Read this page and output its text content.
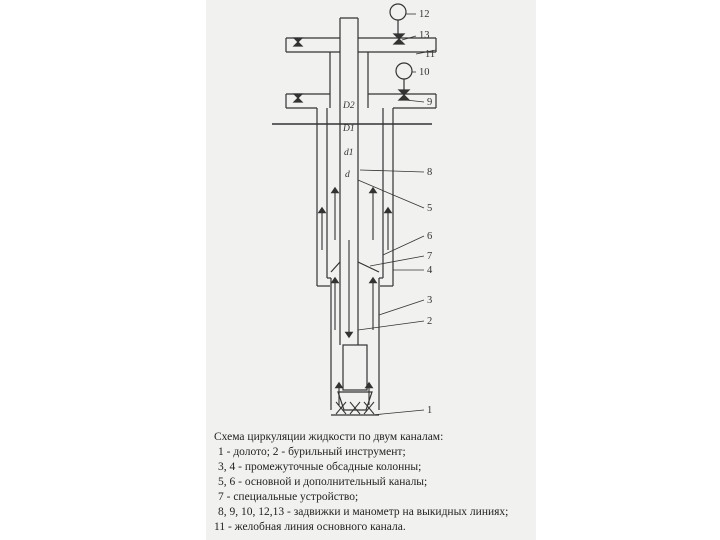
D2
D1
d1
d
12
13
11
10
9
8
5
6
7
4
3
2
1
Схема циркуляции жидкости по двум каналам:
1 - долото; 2 - бурильный инструмент;
3, 4 - промежуточные обсадные колонны;
5, 6 - основной и дополнительный каналы;
7 - специальные устройство;
8, 9, 10, 12,13 - задвижки и манометр на выкидных линиях;
11 - желобная линия основного канала.
